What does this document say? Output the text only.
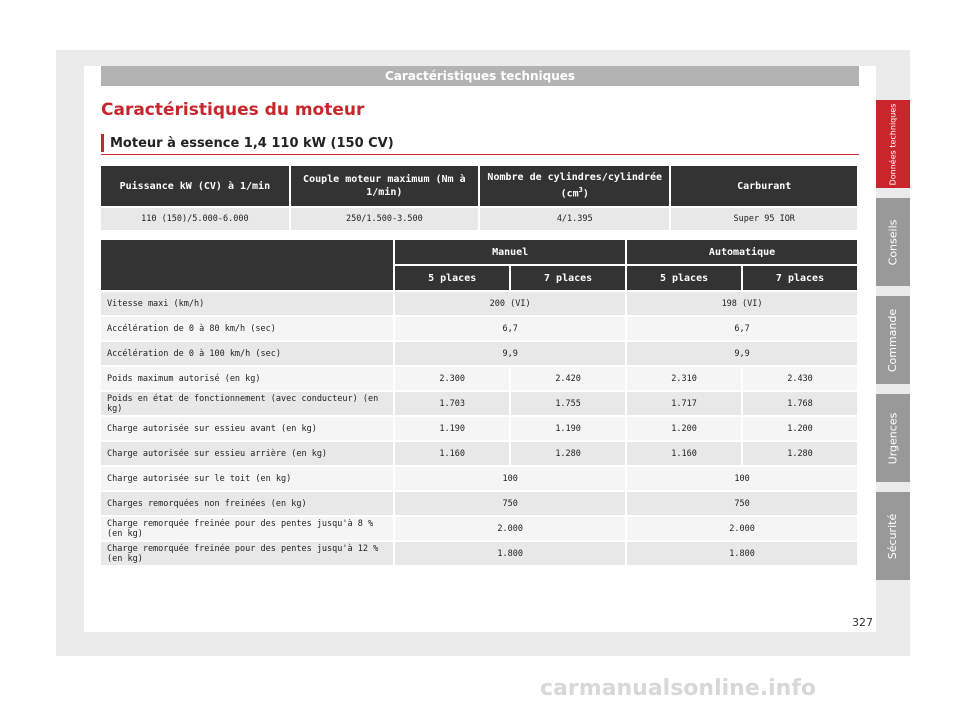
Caractéristiques techniques
Caractéristiques du moteur
Moteur à essence 1,4 110 kW (150 CV)
Puissance kW (CV) à 1/min	Couple moteur maximum (Nm à 1/min)	Nombre de cylindres/cylindrée $(cm^3)$	Carburant
110 (150)/5.000-6.000	250/1.500-3.500	4/1.395	Super 95 IOR
	Manuel		Automatique	
	5 places	7 places	5 places	7 places
Vitesse maxi (km/h)	200 (VI)		198 (VI)	
Accélération de 0 à 80 km/h (sec)	6,7		6,7	
Accélération de 0 à 100 km/h (sec)	9,9		9,9	
Poids maximum autorisé (en kg)	2.300	2.420	2.310	2.430
Poids en état de fonctionnement (avec conducteur) (en kg)	1.703	1.755	1.717	1.768
Charge autorisée sur essieu avant (en kg)	1.190	1.190	1.200	1.200
Charge autorisée sur essieu arrière (en kg)	1.160	1.280	1.160	1.280
Charge autorisée sur le toit (en kg)	100		100	
Charges remorquées non freinées (en kg)	750		750	
Charge remorquée freinée pour des pentes jusqu'à 8 % (en kg)	2.000		2.000	
Charge remorquée freinée pour des pentes jusqu'à 12 % (en kg)	1.800		1.800	
Données techniques
Conseils
Commande
Urgences
Sécurité
327
carmanualsonline.info
